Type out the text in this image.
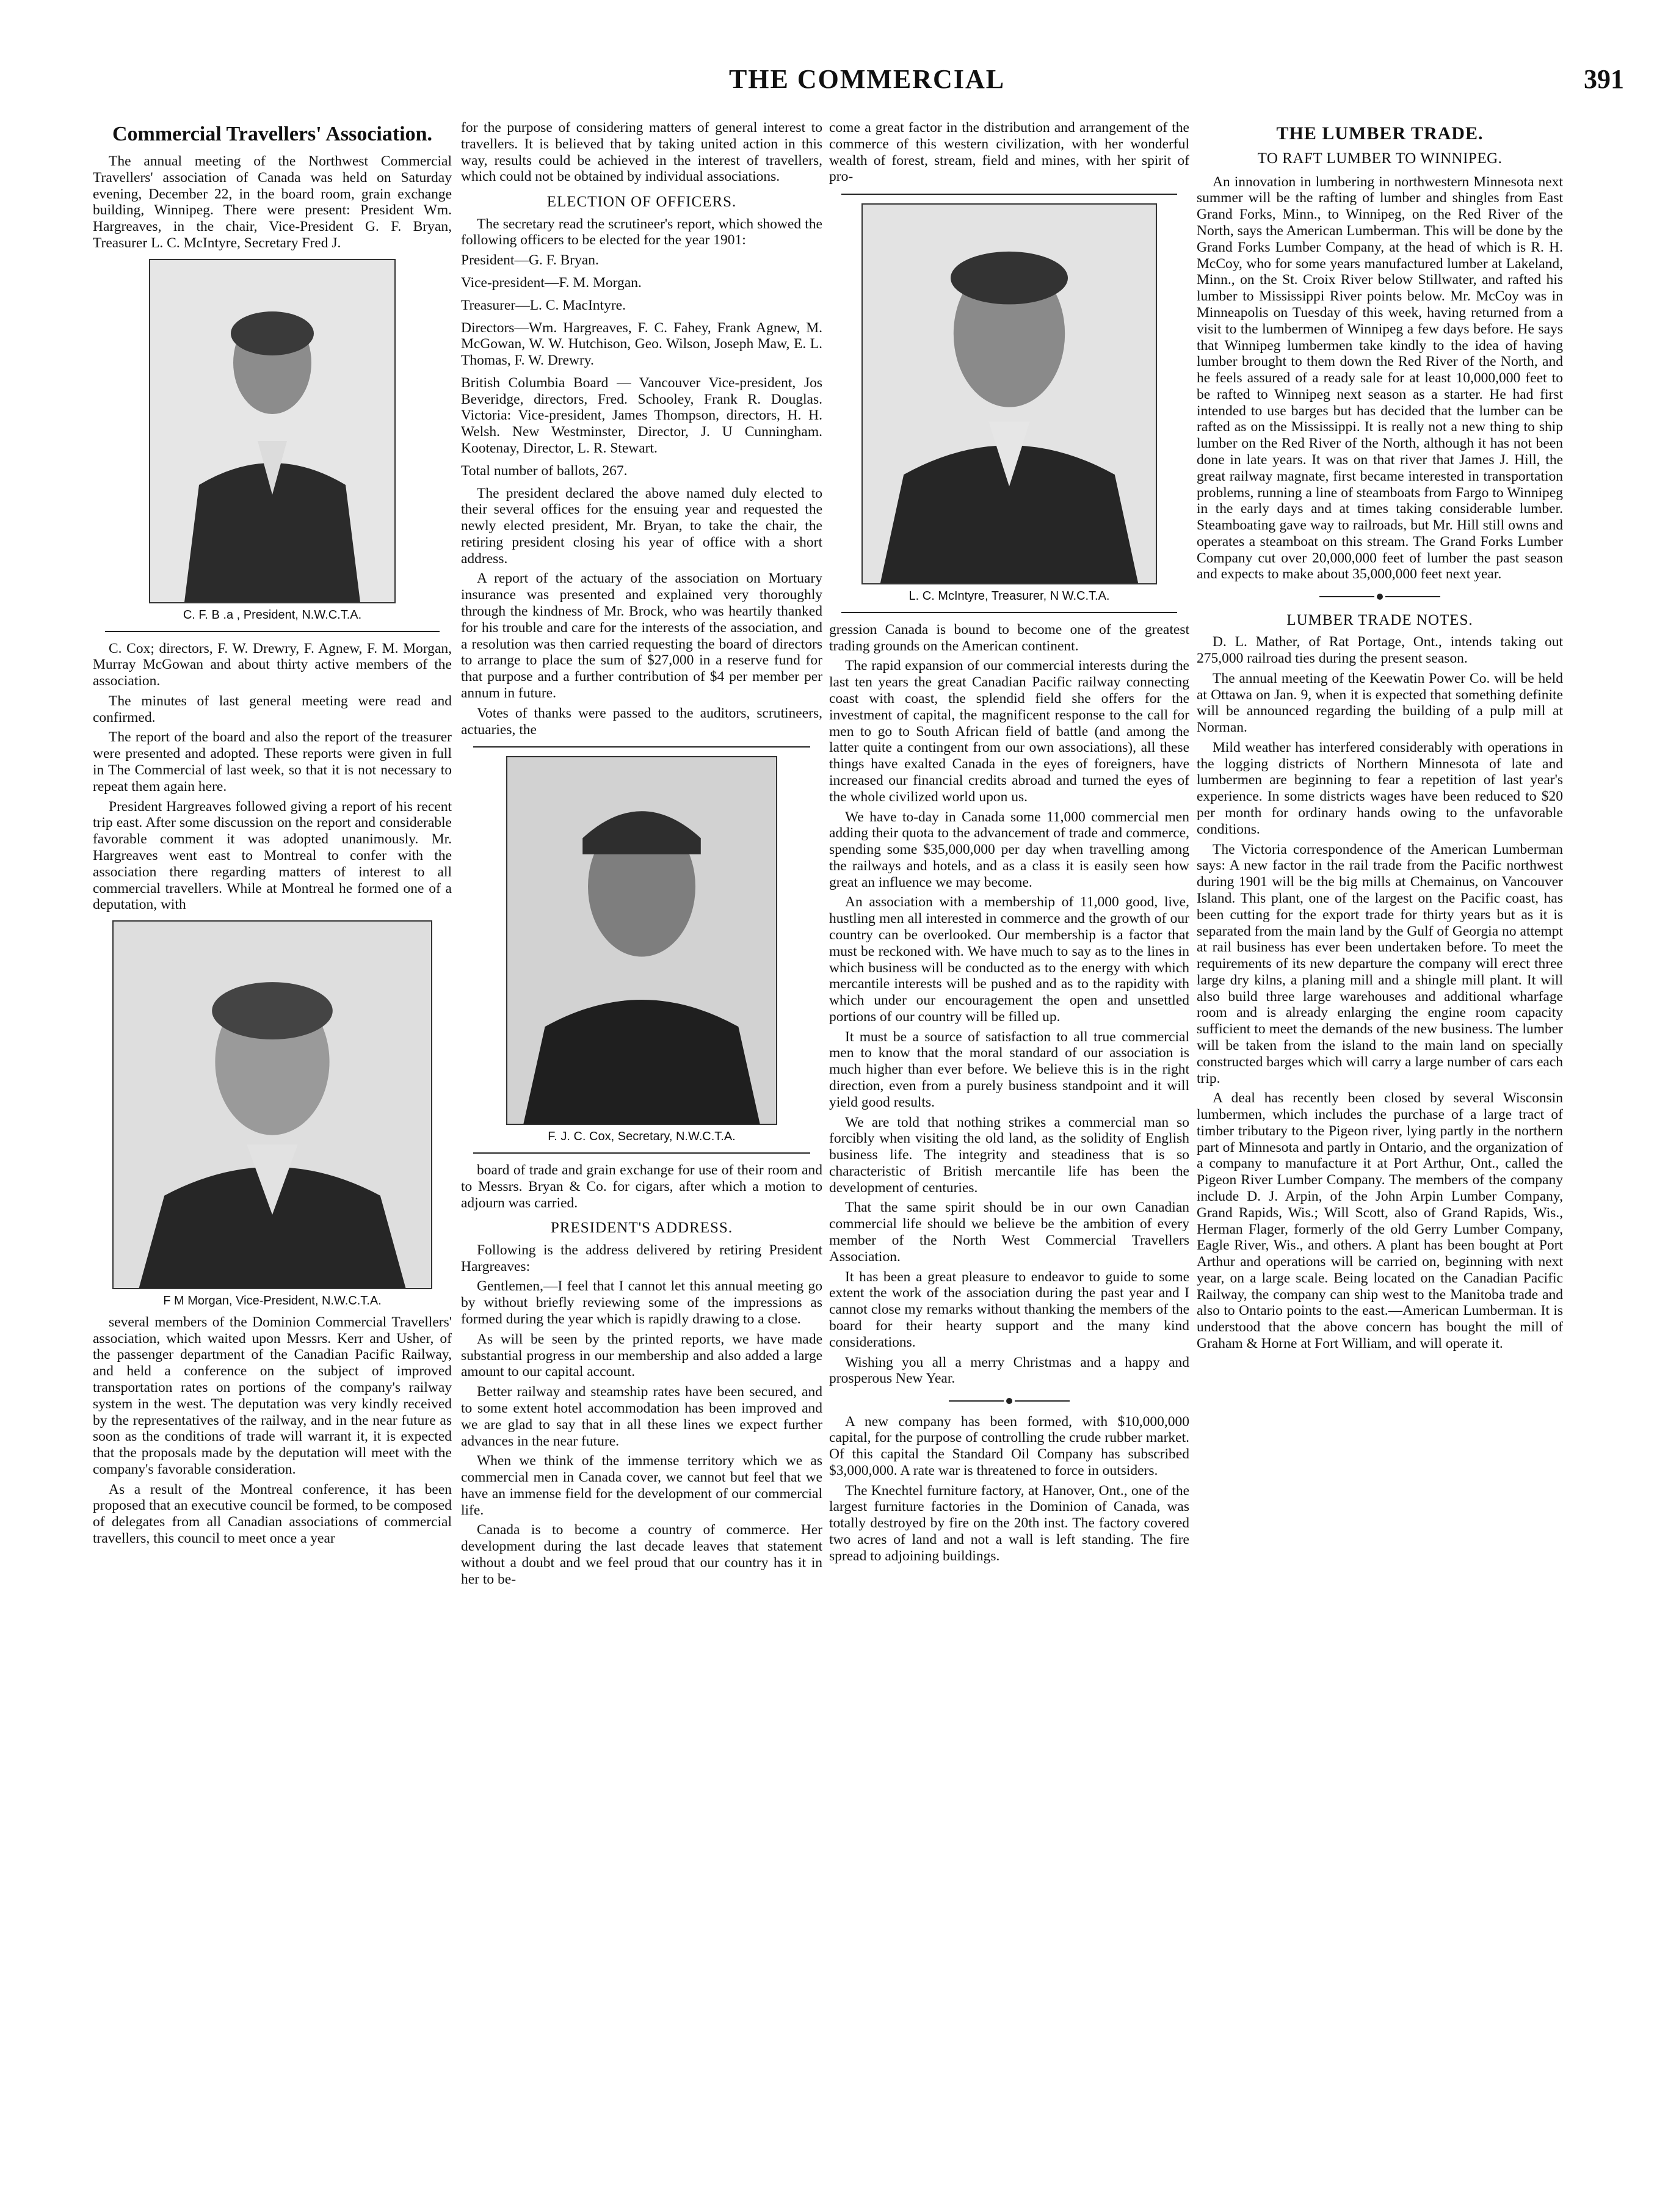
THE COMMERCIAL	391
Commercial Travellers' Association.

The annual meeting of the Northwest Commercial Travellers' association of Canada was held on Saturday evening, December 22, in the board room, grain exchange building, Winnipeg. There were present: President Wm. Hargreaves, in the chair, Vice-President G. F. Bryan, Treasurer L. C. McIntyre, Secretary Fred J.

C. F. B .a , President, N.W.C.T.A.

C. Cox; directors, F. W. Drewry, F. Agnew, F. M. Morgan, Murray McGowan and about thirty active members of the association.

The minutes of last general meeting were read and confirmed.

The report of the board and also the report of the treasurer were presented and adopted. These reports were given in full in The Commercial of last week, so that it is not necessary to repeat them again here.

President Hargreaves followed giving a report of his recent trip east. After some discussion on the report and considerable favorable comment it was adopted unanimously. Mr. Hargreaves went east to Montreal to confer with the association there regarding matters of interest to all commercial travellers. While at Montreal he formed one of a deputation, with

F M Morgan, Vice-President, N.W.C.T.A.

several members of the Dominion Commercial Travellers' association, which waited upon Messrs. Kerr and Usher, of the passenger department of the Canadian Pacific Railway, and held a conference on the subject of improved transportation rates on portions of the company's railway system in the west. The deputation was very kindly received by the representatives of the railway, and in the near future as soon as the conditions of trade will warrant it, it is expected that the proposals made by the deputation will meet with the company's favorable consideration.

As a result of the Montreal conference, it has been proposed that an executive council be formed, to be composed of delegates from all Canadian associations of commercial travellers, this council to meet once a year

for the purpose of considering matters of general interest to travellers. It is believed that by taking united action in this way, results could be achieved in the interest of travellers, which could not be obtained by individual associations.

ELECTION OF OFFICERS.

The secretary read the scrutineer's report, which showed the following officers to be elected for the year 1901:

President—G. F. Bryan.

Vice-president—F. M. Morgan.

Treasurer—L. C. MacIntyre.

Directors—Wm. Hargreaves, F. C. Fahey, Frank Agnew, M. McGowan, W. W. Hutchison, Geo. Wilson, Joseph Maw, E. L. Thomas, F. W. Drewry.

British Columbia Board — Vancouver Vice-president, Jos Beveridge, directors, Fred. Schooley, Frank R. Douglas. Victoria: Vice-president, James Thompson, directors, H. H. Welsh. New Westminster, Director, J. U Cunningham. Kootenay, Director, L. R. Stewart.

Total number of ballots, 267.

The president declared the above named duly elected to their several offices for the ensuing year and requested the newly elected president, Mr. Bryan, to take the chair, the retiring president closing his year of office with a short address.

A report of the actuary of the association on Mortuary insurance was presented and explained very thoroughly through the kindness of Mr. Brock, who was heartily thanked for his trouble and care for the interests of the association, and a resolution was then carried requesting the board of directors to arrange to place the sum of $27,000 in a reserve fund for that purpose and a further contribution of $4 per member per annum in future.

Votes of thanks were passed to the auditors, scrutineers, actuaries, the

F. J. C. Cox, Secretary, N.W.C.T.A.

board of trade and grain exchange for use of their room and to Messrs. Bryan & Co. for cigars, after which a motion to adjourn was carried.

PRESIDENT'S ADDRESS.

Following is the address delivered by retiring President Hargreaves:

Gentlemen,—I feel that I cannot let this annual meeting go by without briefly reviewing some of the impressions as formed during the year which is rapidly drawing to a close.

As will be seen by the printed reports, we have made substantial progress in our membership and also added a large amount to our capital account.

Better railway and steamship rates have been secured, and to some extent hotel accommodation has been improved and we are glad to say that in all these lines we expect further advances in the near future.

When we think of the immense territory which we as commercial men in Canada cover, we cannot but feel that we have an immense field for the development of our commercial life.

Canada is to become a country of commerce. Her development during the last decade leaves that statement without a doubt and we feel proud that our country has it in her to be-

come a great factor in the distribution and arrangement of the commerce of this western civilization, with her wonderful wealth of forest, stream, field and mines, with her spirit of pro-

L. C. McIntyre, Treasurer, N W.C.T.A.

gression Canada is bound to become one of the greatest trading grounds on the American continent.

The rapid expansion of our commercial interests during the last ten years the great Canadian Pacific railway connecting coast with coast, the splendid field she offers for the investment of capital, the magnificent response to the call for men to go to South African field of battle (and among the latter quite a contingent from our own associations), all these things have exalted Canada in the eyes of foreigners, have increased our financial credits abroad and turned the eyes of the whole civilized world upon us.

We have to-day in Canada some 11,000 commercial men adding their quota to the advancement of trade and commerce, spending some $35,000,000 per day when travelling among the railways and hotels, and as a class it is easily seen how great an influence we may become.

An association with a membership of 11,000 good, live, hustling men all interested in commerce and the growth of our country can be overlooked. Our membership is a factor that must be reckoned with. We have much to say as to the lines in which business will be conducted as to the energy with which mercantile interests will be pushed and as to the rapidity with which under our encouragement the open and unsettled portions of our country will be filled up.

It must be a source of satisfaction to all true commercial men to know that the moral standard of our association is much higher than ever before. We believe this is in the right direction, even from a purely business standpoint and it will yield good results.

We are told that nothing strikes a commercial man so forcibly when visiting the old land, as the solidity of English business life. The integrity and steadiness that is so characteristic of British mercantile life has been the development of centuries.

That the same spirit should be in our own Canadian commercial life should we believe be the ambition of every member of the North West Commercial Travellers Association.

It has been a great pleasure to endeavor to guide to some extent the work of the association during the past year and I cannot close my remarks without thanking the members of the board for their hearty support and the many kind considerations.

Wishing you all a merry Christmas and a happy and prosperous New Year.

A new company has been formed, with $10,000,000 capital, for the purpose of controlling the crude rubber market. Of this capital the Standard Oil Company has subscribed $3,000,000. A rate war is threatened to force in outsiders.

The Knechtel furniture factory, at Hanover, Ont., one of the largest furniture factories in the Dominion of Canada, was totally destroyed by fire on the 20th inst. The factory covered two acres of land and not a wall is left standing. The fire spread to adjoining buildings.

THE LUMBER TRADE.
TO RAFT LUMBER TO WINNIPEG.

An innovation in lumbering in northwestern Minnesota next summer will be the rafting of lumber and shingles from East Grand Forks, Minn., to Winnipeg, on the Red River of the North, says the American Lumberman. This will be done by the Grand Forks Lumber Company, at the head of which is R. H. McCoy, who for some years manufactured lumber at Lakeland, Minn., on the St. Croix River below Stillwater, and rafted his lumber to Mississippi River points below. Mr. McCoy was in Minneapolis on Tuesday of this week, having returned from a visit to the lumbermen of Winnipeg a few days before. He says that Winnipeg lumbermen take kindly to the idea of having lumber brought to them down the Red River of the North, and he feels assured of a ready sale for at least 10,000,000 feet to be rafted to Winnipeg next season as a starter. He had first intended to use barges but has decided that the lumber can be rafted as on the Mississippi. It is really not a new thing to ship lumber on the Red River of the North, although it has not been done in late years. It was on that river that James J. Hill, the great railway magnate, first became interested in transportation problems, running a line of steamboats from Fargo to Winnipeg in the early days and at times taking considerable lumber. Steamboating gave way to railroads, but Mr. Hill still owns and operates a steamboat on this stream. The Grand Forks Lumber Company cut over 20,000,000 feet of lumber the past season and expects to make about 35,000,000 feet next year.

LUMBER TRADE NOTES.

D. L. Mather, of Rat Portage, Ont., intends taking out 275,000 railroad ties during the present season.

The annual meeting of the Keewatin Power Co. will be held at Ottawa on Jan. 9, when it is expected that something definite will be announced regarding the building of a pulp mill at Norman.

Mild weather has interfered considerably with operations in the logging districts of Northern Minnesota of late and lumbermen are beginning to fear a repetition of last year's experience. In some districts wages have been reduced to $20 per month for ordinary hands owing to the unfavorable conditions.

The Victoria correspondence of the American Lumberman says: A new factor in the rail trade from the Pacific northwest during 1901 will be the big mills at Chemainus, on Vancouver Island. This plant, one of the largest on the Pacific coast, has been cutting for the export trade for thirty years but as it is separated from the main land by the Gulf of Georgia no attempt at rail business has ever been undertaken before. To meet the requirements of its new departure the company will erect three large dry kilns, a planing mill and a shingle mill plant. It will also build three large warehouses and additional wharfage room and is already enlarging the engine room capacity sufficient to meet the demands of the new business. The lumber will be taken from the island to the main land on specially constructed barges which will carry a large number of cars each trip.

A deal has recently been closed by several Wisconsin lumbermen, which includes the purchase of a large tract of timber tributary to the Pigeon river, lying partly in the northern part of Minnesota and partly in Ontario, and the organization of a company to manufacture it at Port Arthur, Ont., called the Pigeon River Lumber Company. The members of the company include D. J. Arpin, of the John Arpin Lumber Company, Grand Rapids, Wis.; Will Scott, also of Grand Rapids, Wis., Herman Flager, formerly of the old Gerry Lumber Company, Eagle River, Wis., and others. A plant has been bought at Port Arthur and operations will be carried on, beginning with next year, on a large scale. Being located on the Canadian Pacific Railway, the company can ship west to the Manitoba trade and also to Ontario points to the east.—American Lumberman. It is understood that the above concern has bought the mill of Graham & Horne at Fort William, and will operate it.
